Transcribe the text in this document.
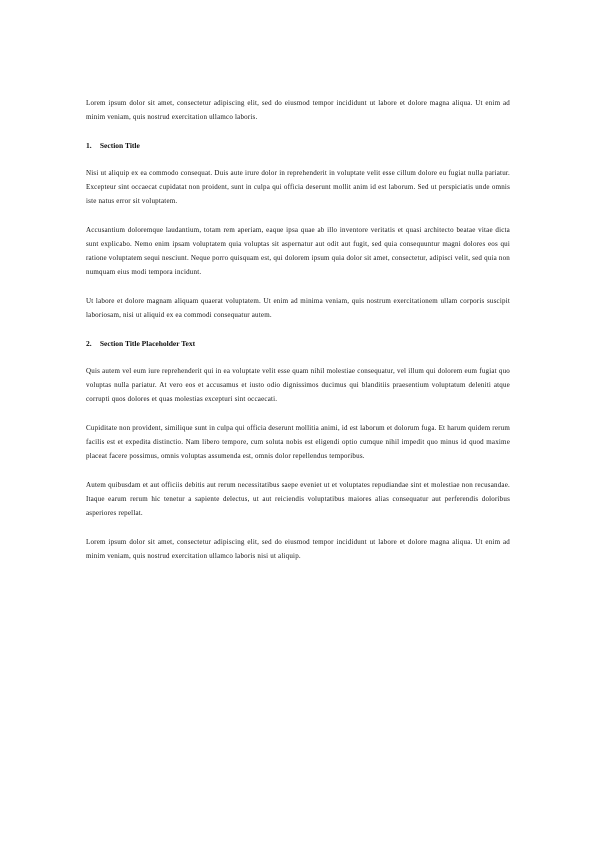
Lorem ipsum dolor sit amet, consectetur adipiscing elit, sed do eiusmod tempor incididunt ut labore et dolore magna aliqua. Ut enim ad minim veniam, quis nostrud exercitation ullamco laboris.

1. Section Title

Nisi ut aliquip ex ea commodo consequat. Duis aute irure dolor in reprehenderit in voluptate velit esse cillum dolore eu fugiat nulla pariatur. Excepteur sint occaecat cupidatat non proident, sunt in culpa qui officia deserunt mollit anim id est laborum. Sed ut perspiciatis unde omnis iste natus error sit voluptatem.

Accusantium doloremque laudantium, totam rem aperiam, eaque ipsa quae ab illo inventore veritatis et quasi architecto beatae vitae dicta sunt explicabo. Nemo enim ipsam voluptatem quia voluptas sit aspernatur aut odit aut fugit, sed quia consequuntur magni dolores eos qui ratione voluptatem sequi nesciunt. Neque porro quisquam est, qui dolorem ipsum quia dolor sit amet, consectetur, adipisci velit, sed quia non numquam eius modi tempora incidunt.

Ut labore et dolore magnam aliquam quaerat voluptatem. Ut enim ad minima veniam, quis nostrum exercitationem ullam corporis suscipit laboriosam, nisi ut aliquid ex ea commodi consequatur autem.

2. Section Title Placeholder Text

Quis autem vel eum iure reprehenderit qui in ea voluptate velit esse quam nihil molestiae consequatur, vel illum qui dolorem eum fugiat quo voluptas nulla pariatur. At vero eos et accusamus et iusto odio dignissimos ducimus qui blanditiis praesentium voluptatum deleniti atque corrupti quos dolores et quas molestias excepturi sint occaecati.

Cupiditate non provident, similique sunt in culpa qui officia deserunt mollitia animi, id est laborum et dolorum fuga. Et harum quidem rerum facilis est et expedita distinctio. Nam libero tempore, cum soluta nobis est eligendi optio cumque nihil impedit quo minus id quod maxime placeat facere possimus, omnis voluptas assumenda est, omnis dolor repellendus temporibus.

Autem quibusdam et aut officiis debitis aut rerum necessitatibus saepe eveniet ut et voluptates repudiandae sint et molestiae non recusandae. Itaque earum rerum hic tenetur a sapiente delectus, ut aut reiciendis voluptatibus maiores alias consequatur aut perferendis doloribus asperiores repellat.

Lorem ipsum dolor sit amet, consectetur adipiscing elit, sed do eiusmod tempor incididunt ut labore et dolore magna aliqua. Ut enim ad minim veniam, quis nostrud exercitation ullamco laboris nisi ut aliquip.
